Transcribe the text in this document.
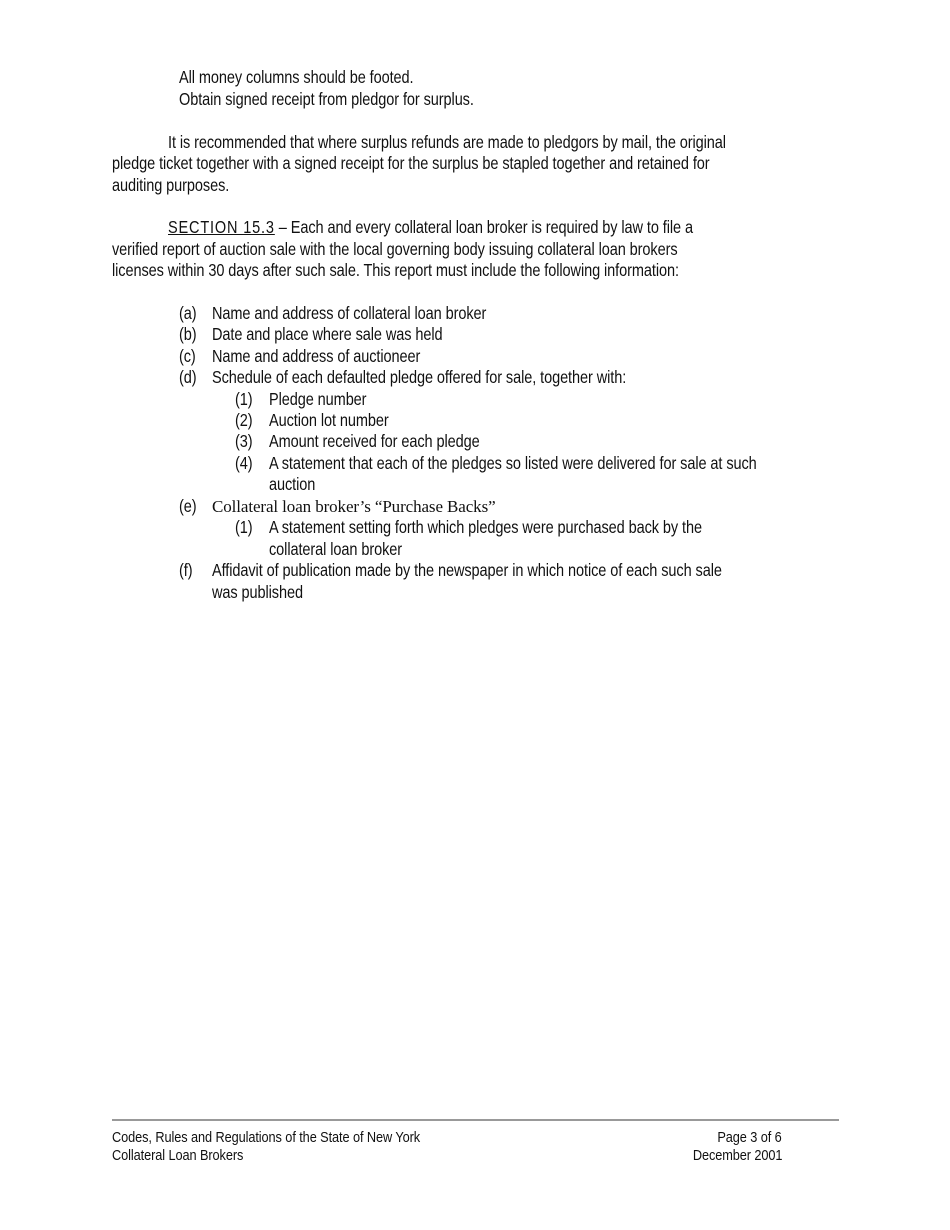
All money columns should be footed.
Obtain signed receipt from pledgor for surplus.
It is recommended that where surplus refunds are made to pledgors by mail, the original
pledge ticket together with a signed receipt for the surplus be stapled together and retained for
auditing purposes.
SECTION 15.3 – Each and every collateral loan broker is required by law to file a
verified report of auction sale with the local governing body issuing collateral loan brokers
licenses within 30 days after such sale. This report must include the following information:
(a) Name and address of collateral loan broker
(b) Date and place where sale was held
(c) Name and address of auctioneer
(d) Schedule of each defaulted pledge offered for sale, together with:
(1) Pledge number
(2) Auction lot number
(3) Amount received for each pledge
(4) A statement that each of the pledges so listed were delivered for sale at such
auction
(e) Collateral loan broker’s “Purchase Backs”
(1) A statement setting forth which pledges were purchased back by the
collateral loan broker
(f) Affidavit of publication made by the newspaper in which notice of each such sale
was published
Codes, Rules and Regulations of the State of New York
Collateral Loan Brokers
Page 3 of 6
December 2001
